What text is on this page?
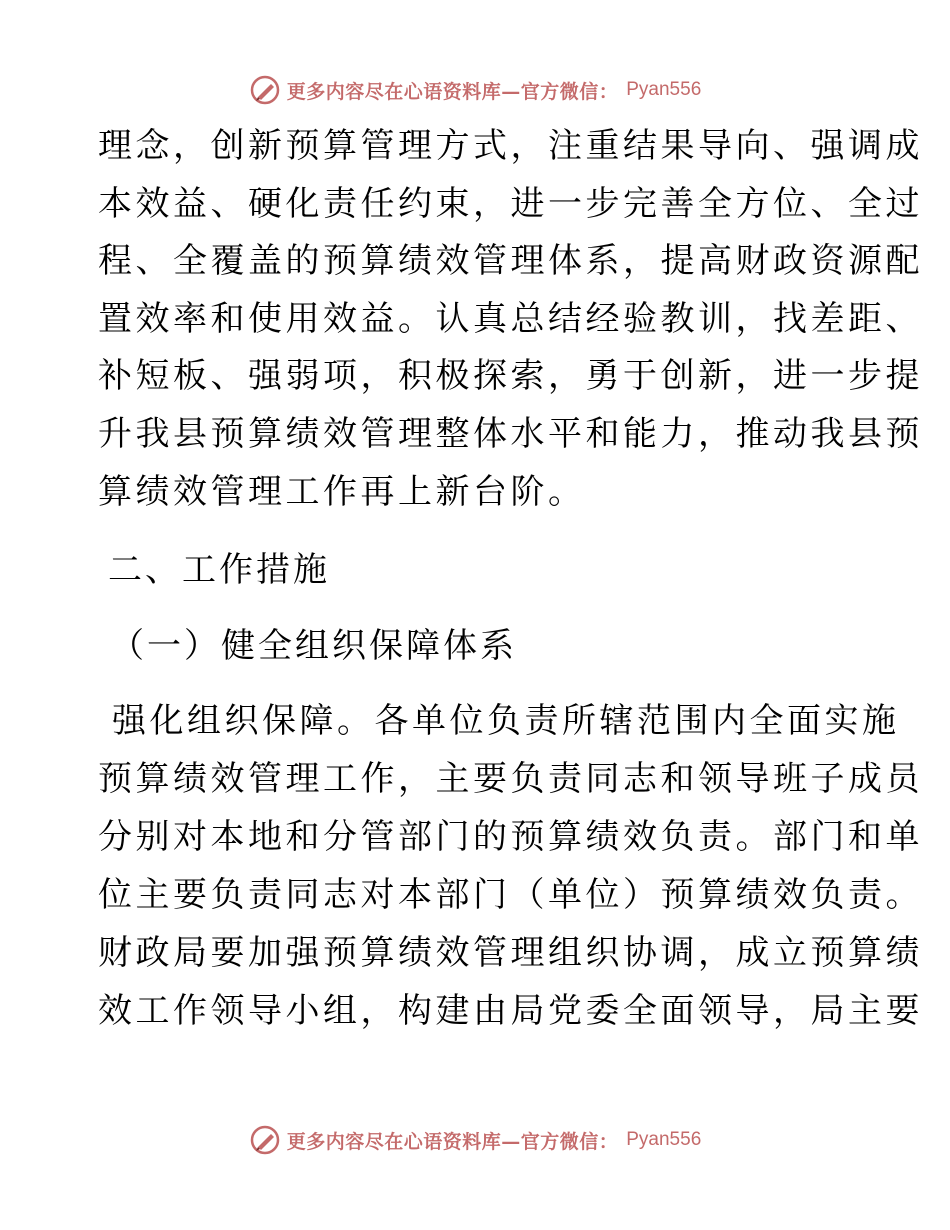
更多内容尽在心语资料库—官方微信： Pyan556
理念，创新预算管理方式，注重结果导向、强调成
本效益、硬化责任约束，进一步完善全方位、全过
程、全覆盖的预算绩效管理体系，提高财政资源配
置效率和使用效益。认真总结经验教训，找差距、
补短板、强弱项，积极探索，勇于创新，进一步提
升我县预算绩效管理整体水平和能力，推动我县预
算绩效管理工作再上新台阶。
二、工作措施
（一）健全组织保障体系
强化组织保障。各单位负责所辖范围内全面实施
预算绩效管理工作，主要负责同志和领导班子成员
分别对本地和分管部门的预算绩效负责。部门和单
位主要负责同志对本部门（单位）预算绩效负责。
财政局要加强预算绩效管理组织协调，成立预算绩
效工作领导小组，构建由局党委全面领导，局主要
更多内容尽在心语资料库—官方微信： Pyan556
